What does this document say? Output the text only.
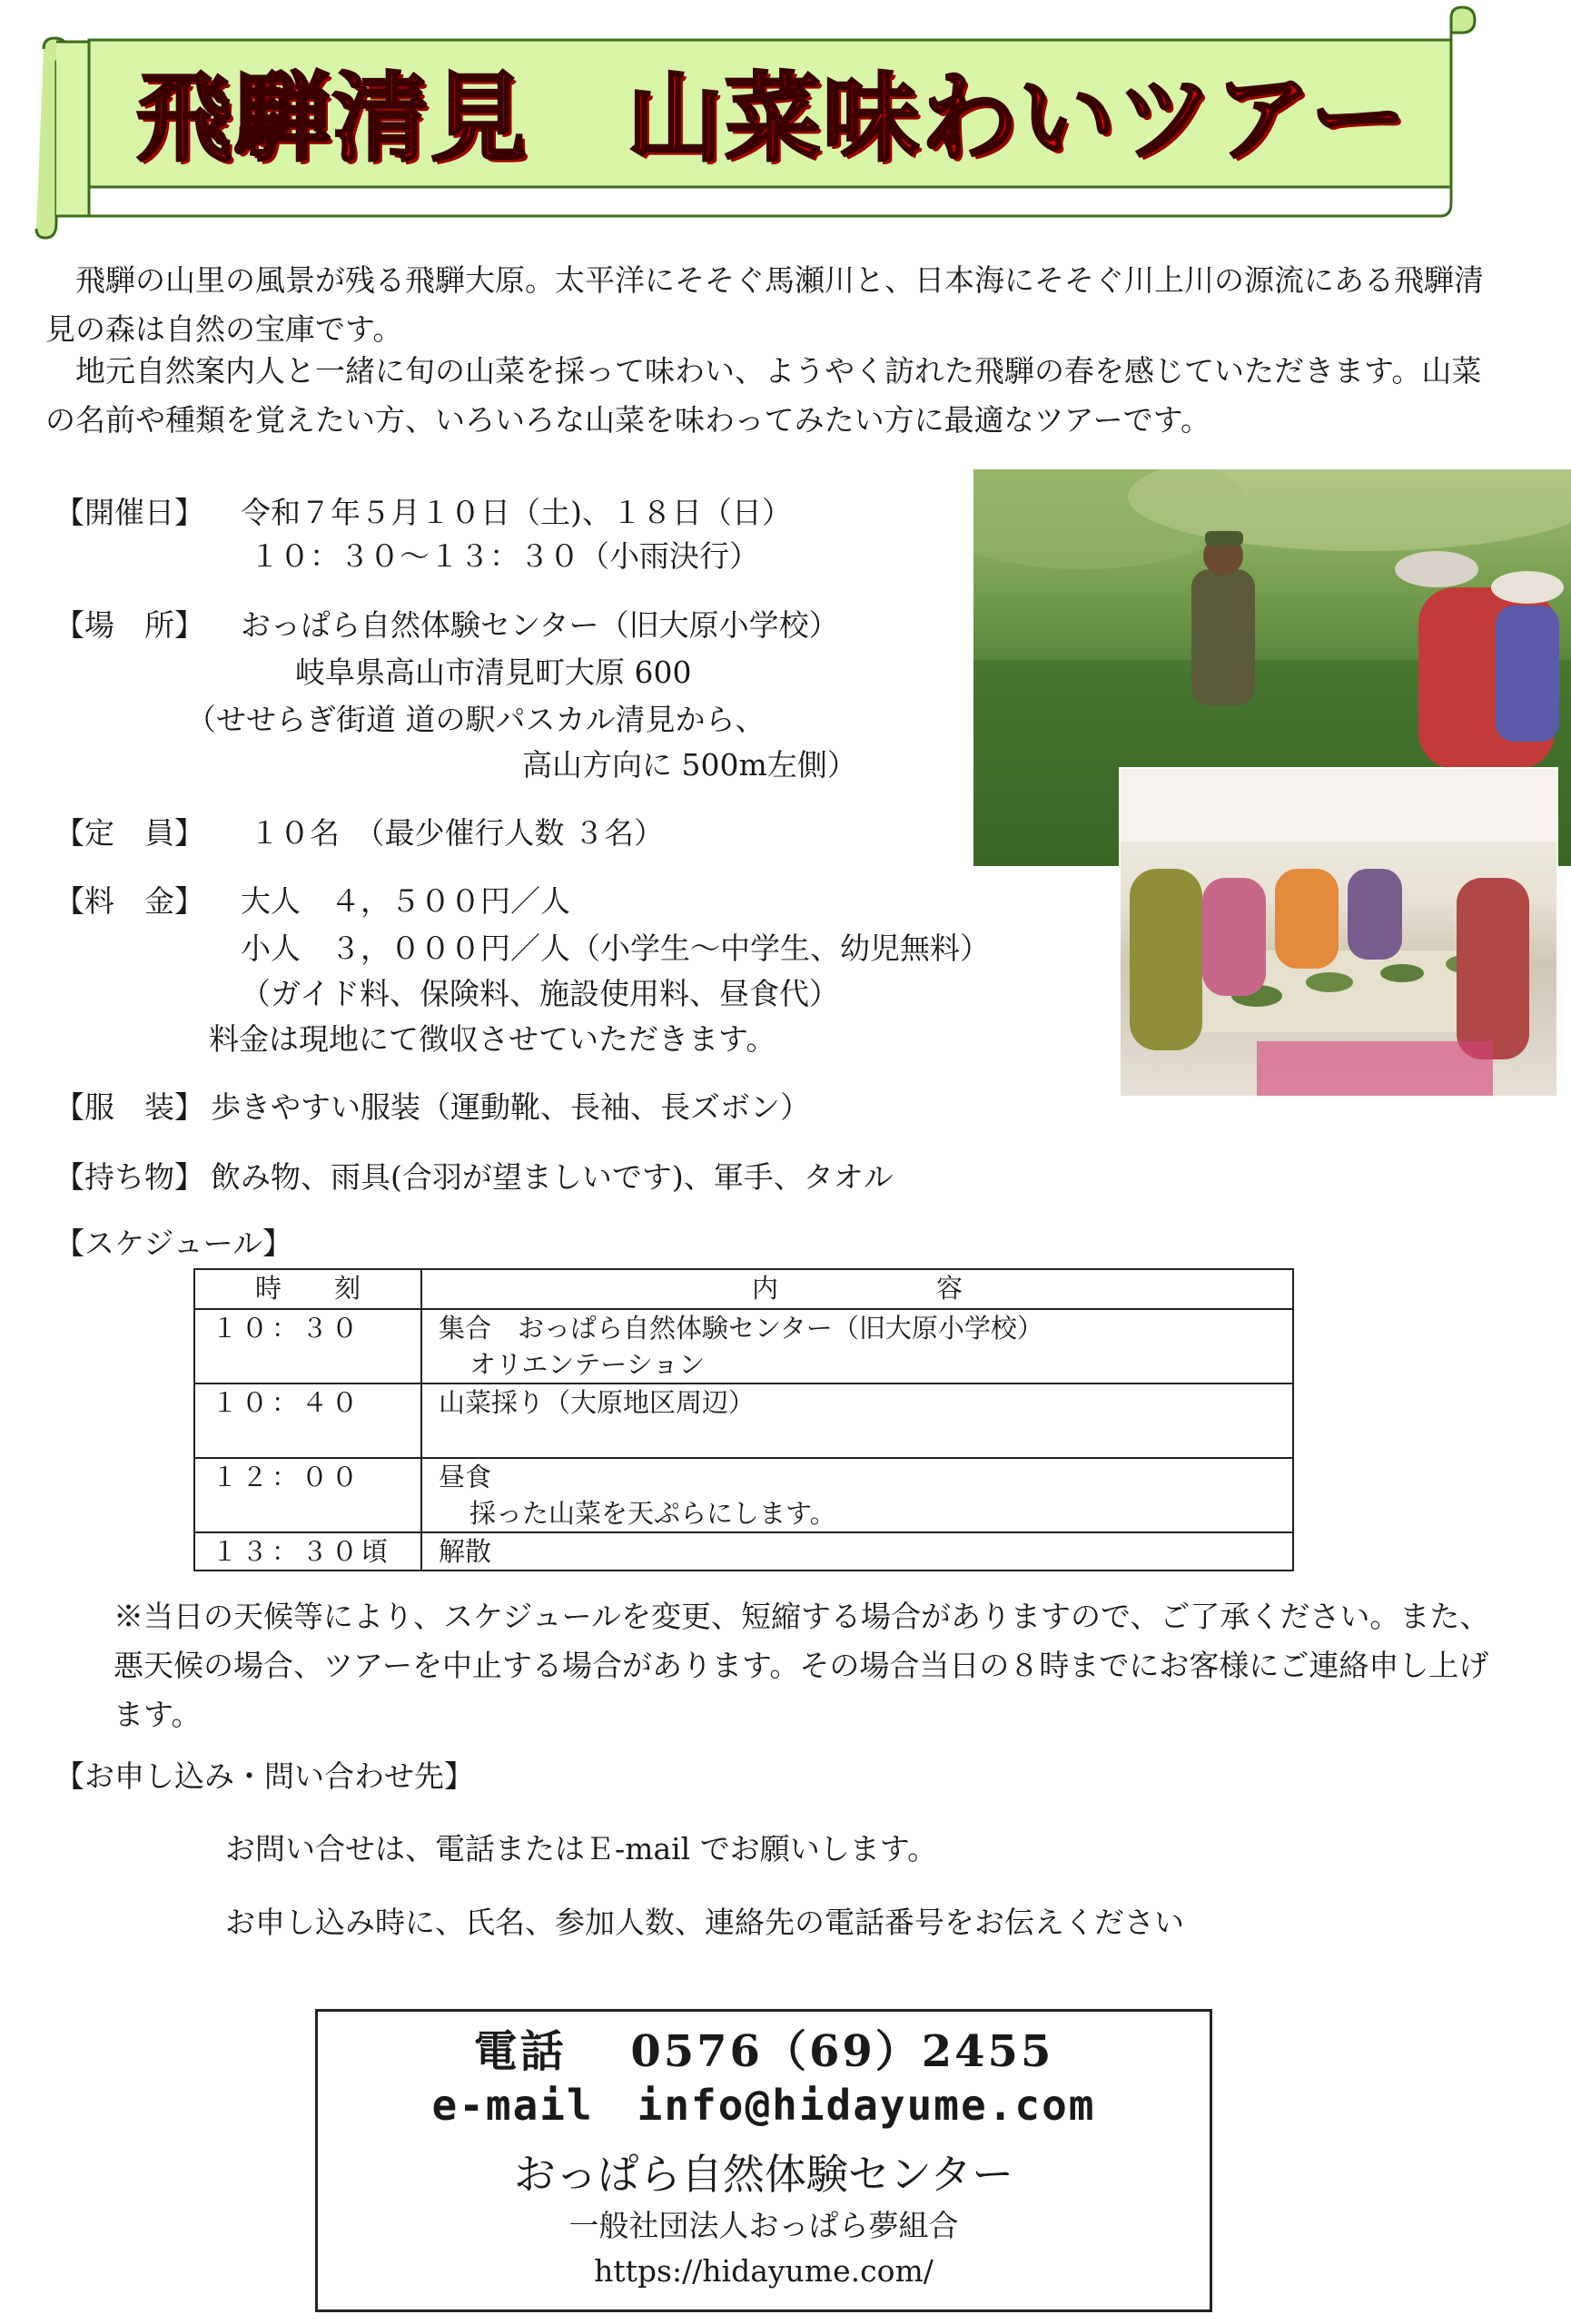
飛騨清見　山菜味わいツアー
飛騨の山里の風景が残る飛騨大原。太平洋にそそぐ馬瀬川と、日本海にそそぐ川上川の源流にある飛騨清見の森は自然の宝庫です。
地元自然案内人と一緒に旬の山菜を採って味わい、ようやく訪れた飛騨の春を感じていただきます。山菜の名前や種類を覚えたい方、いろいろな山菜を味わってみたい方に最適なツアーです。
【開催日】 令和７年５月１０日（土)、１８日（日）
１０：３０～１３：３０（小雨決行）
【場　所】 おっぱら自然体験センター（旧大原小学校）
岐阜県高山市清見町大原 600
（せせらぎ街道 道の駅パスカル清見から、
高山方向に 500m左側）
【定　員】 １０名　（最少催行人数 ３名）
【料　金】 大人　４，５００円／人
小人　３，０００円／人（小学生～中学生、幼児無料）
（ガイド料、保険料、施設使用料、昼食代）
料金は現地にて徴収させていただきます。
【服　装】 歩きやすい服装（運動靴、長袖、長ズボン）
【持ち物】 飲み物、雨具(合羽が望ましいです)、軍手、タオル
【スケジュール】
時　　刻	内　　　　　　容
１０：３０	集合　おっぱら自然体験センター（旧大原小学校）
オリエンテーション

１０：４０	山菜採り（大原地区周辺）

１２：００	昼食
採った山菜を天ぷらにします。

１３：３０頃	解散
※当日の天候等により、スケジュールを変更、短縮する場合がありますので、ご了承ください。また、悪天候の場合、ツアーを中止する場合があります。その場合当日の８時までにお客様にご連絡申し上げます。
【お申し込み・問い合わせ先】
お問い合せは、電話またはＥ-mail でお願いします。
お申し込み時に、氏名、参加人数、連絡先の電話番号をお伝えください
電話　 0576（69）2455
e-mail　info@hidayume.com
おっぱら自然体験センター
一般社団法人おっぱら夢組合
https://hidayume.com/
